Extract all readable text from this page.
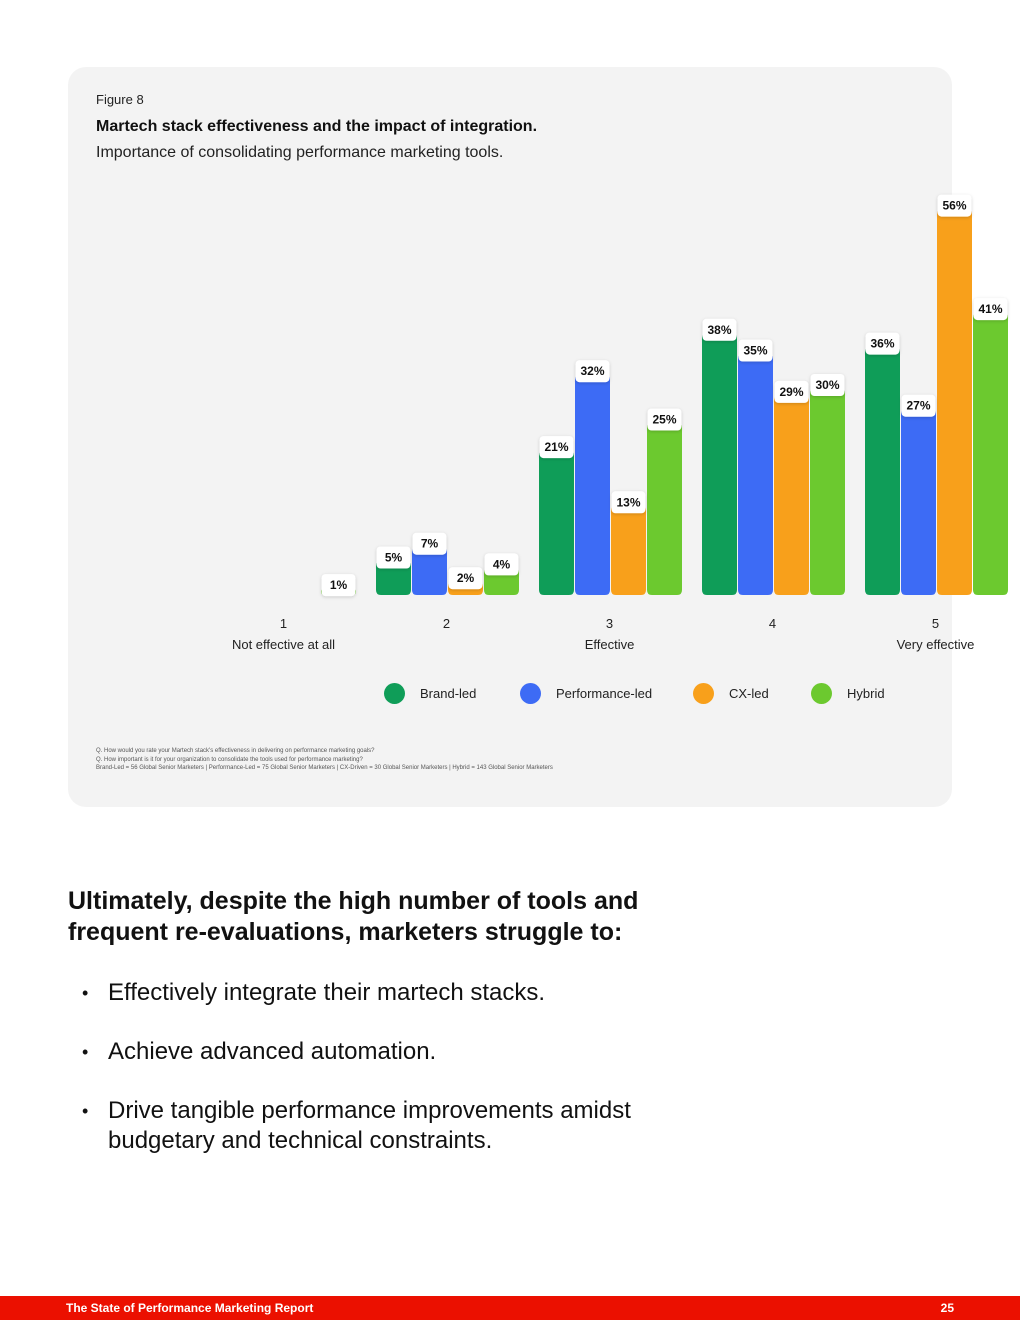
Figure 8
Martech stack effectiveness and the impact of integration.
Importance of consolidating performance marketing tools.
1%
5%
7%
2%
4%
21%
32%
13%
25%
38%
35%
29% 30%
36%
27%
56%
41%
1
Not effective at all
2	3
Effective
4	5
Very effective
Brand-led	Performance-led	CX-led	Hybrid
Q. How would you rate your Martech stack's effectiveness in delivering on performance marketing goals?
Q. How important is it for your organization to consolidate the tools used for performance marketing?
Brand-Led = 56 Global Senior Marketers | Performance-Led = 75 Global Senior Marketers | CX-Driven = 30 Global Senior Marketers | Hybrid = 143 Global Senior Marketers
Ultimately, despite the high number of tools and
frequent re-evaluations, marketers struggle to:
• Effectively integrate their martech stacks.
• Achieve advanced automation.
• Drive tangible performance improvements amidst budgetary and technical constraints.
The State of Performance Marketing Report	25
